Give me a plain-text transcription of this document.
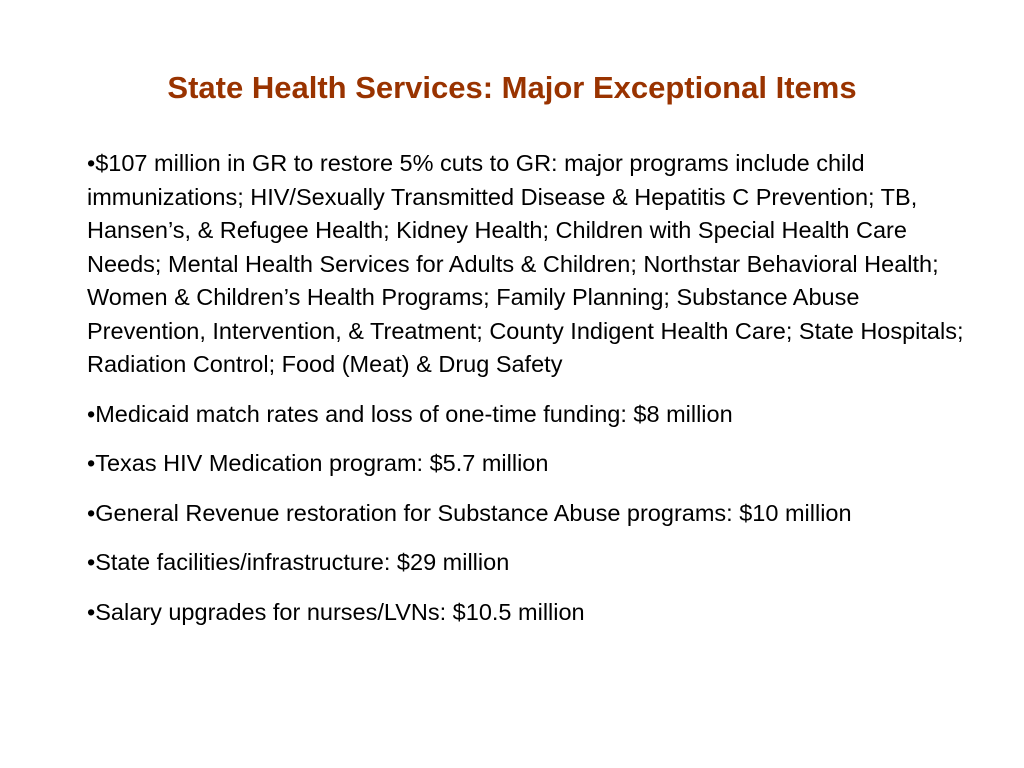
State Health Services: Major Exceptional Items
•$107 million in GR to restore 5% cuts to GR: major programs include child immunizations; HIV/Sexually Transmitted Disease & Hepatitis C Prevention; TB, Hansen’s, & Refugee Health; Kidney Health; Children with Special Health Care Needs; Mental Health Services for Adults & Children; Northstar Behavioral Health; Women & Children’s Health Programs; Family Planning; Substance Abuse Prevention, Intervention, & Treatment; County Indigent Health Care; State Hospitals; Radiation Control; Food (Meat) & Drug Safety
•Medicaid match rates and loss of one-time funding: $8 million
•Texas HIV Medication program: $5.7 million
•General Revenue restoration for Substance Abuse programs: $10 million
•State facilities/infrastructure: $29 million
•Salary upgrades for nurses/LVNs: $10.5 million
